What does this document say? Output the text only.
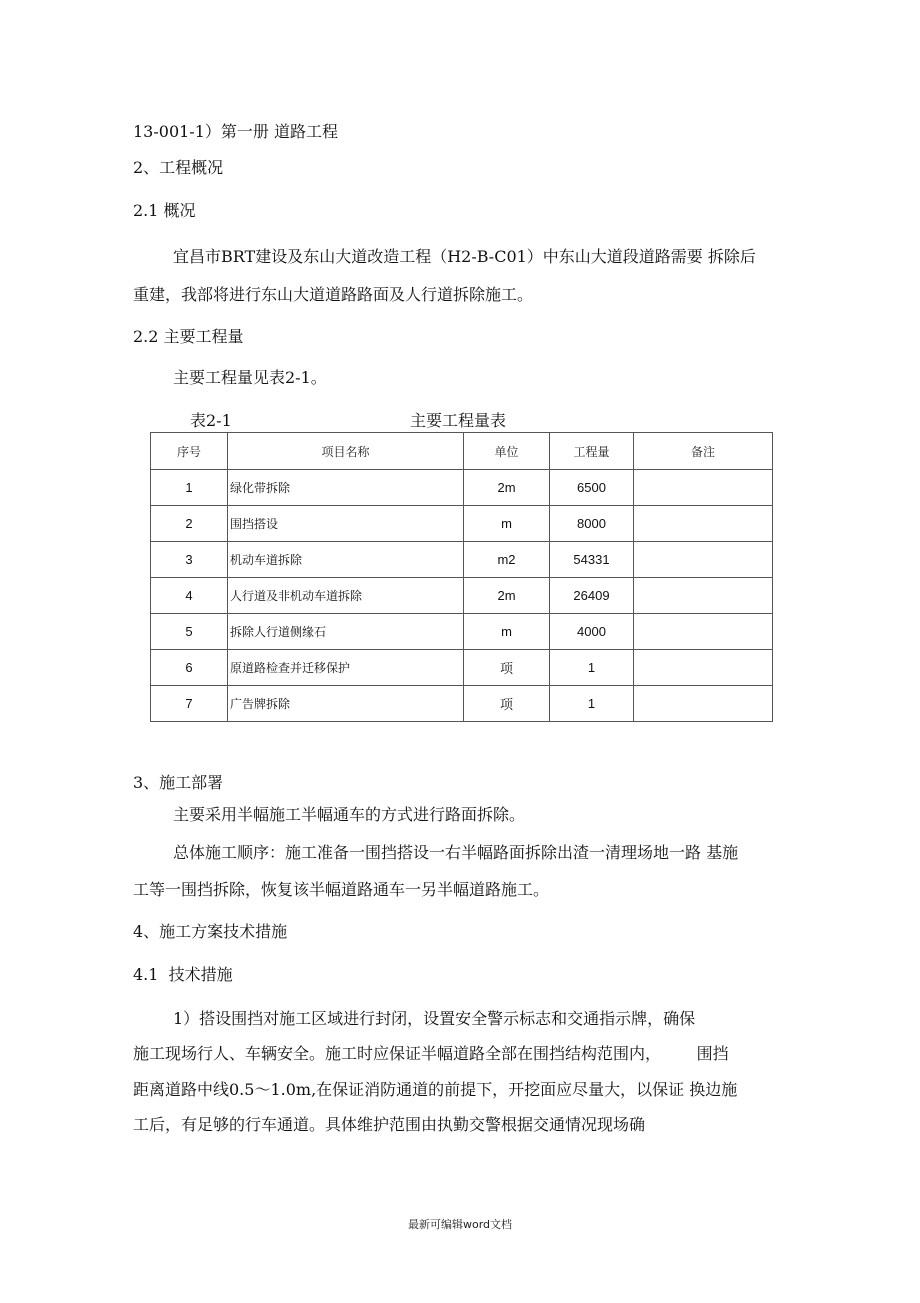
13-001-1）第一册 道路工程
2、工程概况
2.1 概况
宜昌市BRT建设及东山大道改造工程（H2-B-C01）中东山大道段道路需要 拆除后
重建，我部将进行东山大道道路路面及人行道拆除施工。
2.2 主要工程量
主要工程量见表2-1。
表2-1	主要工程量表
序号	项目名称	单位	工程量	备注
1	绿化带拆除	2m	6500	
2	围挡搭设	m	8000	
3	机动车道拆除	m2	54331	
4	人行道及非机动车道拆除	2m	26409	
5	拆除人行道侧缘石	m	4000	
6	原道路检查并迁移保护	项	1	
7	广告牌拆除	项	1	
3、施工部署
主要采用半幅施工半幅通车的方式进行路面拆除。
总体施工顺序：施工准备一围挡搭设一右半幅路面拆除出渣一清理场地一路 基施
工等一围挡拆除，恢复该半幅道路通车一另半幅道路施工。
4、施工方案技术措施
4.1  技术措施
1）搭设围挡对施工区域进行封闭，设置安全警示标志和交通指示牌，确保
施工现场行人、车辆安全。施工时应保证半幅道路全部在围挡结构范围内，       围挡
距离道路中线0.5～1.0m,在保证消防通道的前提下，开挖面应尽量大，以保证 换边施
工后，有足够的行车通道。具体维护范围由执勤交警根据交通情况现场确
最新可编辑word文档
